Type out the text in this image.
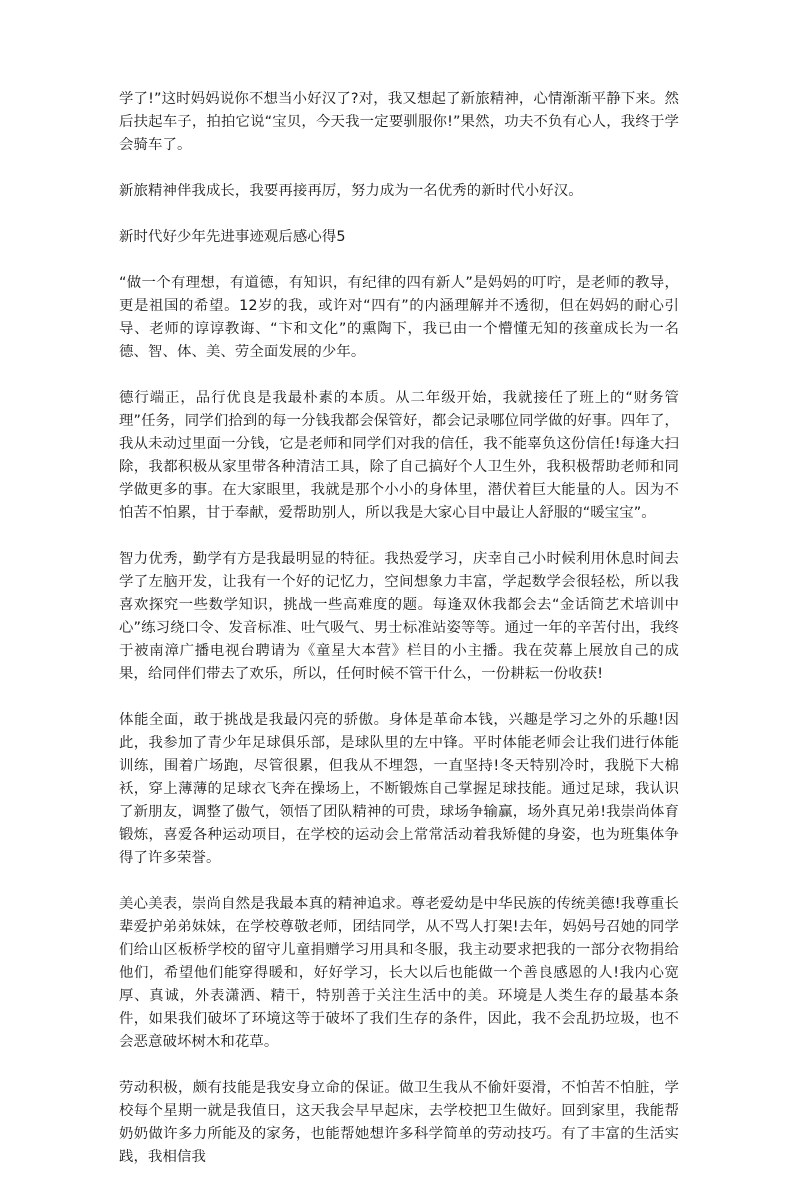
学了!”这时妈妈说你不想当小好汉了?对，我又想起了新旅精神，心情渐渐平静下来。然后扶起车子，拍拍它说“宝贝，今天我一定要驯服你!”果然，功夫不负有心人，我终于学会骑车了。

新旅精神伴我成长，我要再接再厉，努力成为一名优秀的新时代小好汉。

新时代好少年先进事迹观后感心得5

“做一个有理想，有道德，有知识，有纪律的四有新人”是妈妈的叮咛，是老师的教导，更是祖国的希望。12岁的我，或许对“四有”的内涵理解并不透彻，但在妈妈的耐心引导、老师的谆谆教诲、“卞和文化”的熏陶下，我已由一个懵懂无知的孩童成长为一名德、智、体、美、劳全面发展的少年。

德行端正，品行优良是我最朴素的本质。从二年级开始，我就接任了班上的“财务管理”任务，同学们拾到的每一分钱我都会保管好，都会记录哪位同学做的好事。四年了，我从未动过里面一分钱，它是老师和同学们对我的信任，我不能辜负这份信任!每逢大扫除，我都积极从家里带各种清洁工具，除了自己搞好个人卫生外，我积极帮助老师和同学做更多的事。在大家眼里，我就是那个小小的身体里，潜伏着巨大能量的人。因为不怕苦不怕累，甘于奉献，爱帮助别人，所以我是大家心目中最让人舒服的“暖宝宝”。

智力优秀，勤学有方是我最明显的特征。我热爱学习，庆幸自己小时候利用休息时间去学了左脑开发，让我有一个好的记忆力，空间想象力丰富，学起数学会很轻松，所以我喜欢探究一些数学知识，挑战一些高难度的题。每逢双休我都会去“金话筒艺术培训中心”练习绕口令、发音标准、吐气吸气、男士标准站姿等等。通过一年的辛苦付出，我终于被南漳广播电视台聘请为《童星大本营》栏目的小主播。我在荧幕上展放自己的成果，给同伴们带去了欢乐，所以，任何时候不管干什么，一份耕耘一份收获!

体能全面，敢于挑战是我最闪亮的骄傲。身体是革命本钱，兴趣是学习之外的乐趣!因此，我参加了青少年足球俱乐部，是球队里的左中锋。平时体能老师会让我们进行体能训练，围着广场跑，尽管很累，但我从不埋怨，一直坚持!冬天特别冷时，我脱下大棉袄，穿上薄薄的足球衣飞奔在操场上，不断锻炼自己掌握足球技能。通过足球，我认识了新朋友，调整了傲气，领悟了团队精神的可贵，球场争输赢，场外真兄弟!我崇尚体育锻炼，喜爱各种运动项目，在学校的运动会上常常活动着我矫健的身姿，也为班集体争得了许多荣誉。

美心美表，崇尚自然是我最本真的精神追求。尊老爱幼是中华民族的传统美德!我尊重长辈爱护弟弟妹妹，在学校尊敬老师，团结同学，从不骂人打架!去年，妈妈号召她的同学们给山区板桥学校的留守儿童捐赠学习用具和冬服，我主动要求把我的一部分衣物捐给他们，希望他们能穿得暖和，好好学习，长大以后也能做一个善良感恩的人!我内心宽厚、真诚，外表潇洒、精干，特别善于关注生活中的美。环境是人类生存的最基本条件，如果我们破坏了环境这等于破坏了我们生存的条件，因此，我不会乱扔垃圾，也不会恶意破坏树木和花草。

劳动积极，颇有技能是我安身立命的保证。做卫生我从不偷奸耍滑，不怕苦不怕脏，学校每个星期一就是我值日，这天我会早早起床，去学校把卫生做好。回到家里，我能帮奶奶做许多力所能及的家务，也能帮她想许多科学简单的劳动技巧。有了丰富的生活实践，我相信我
